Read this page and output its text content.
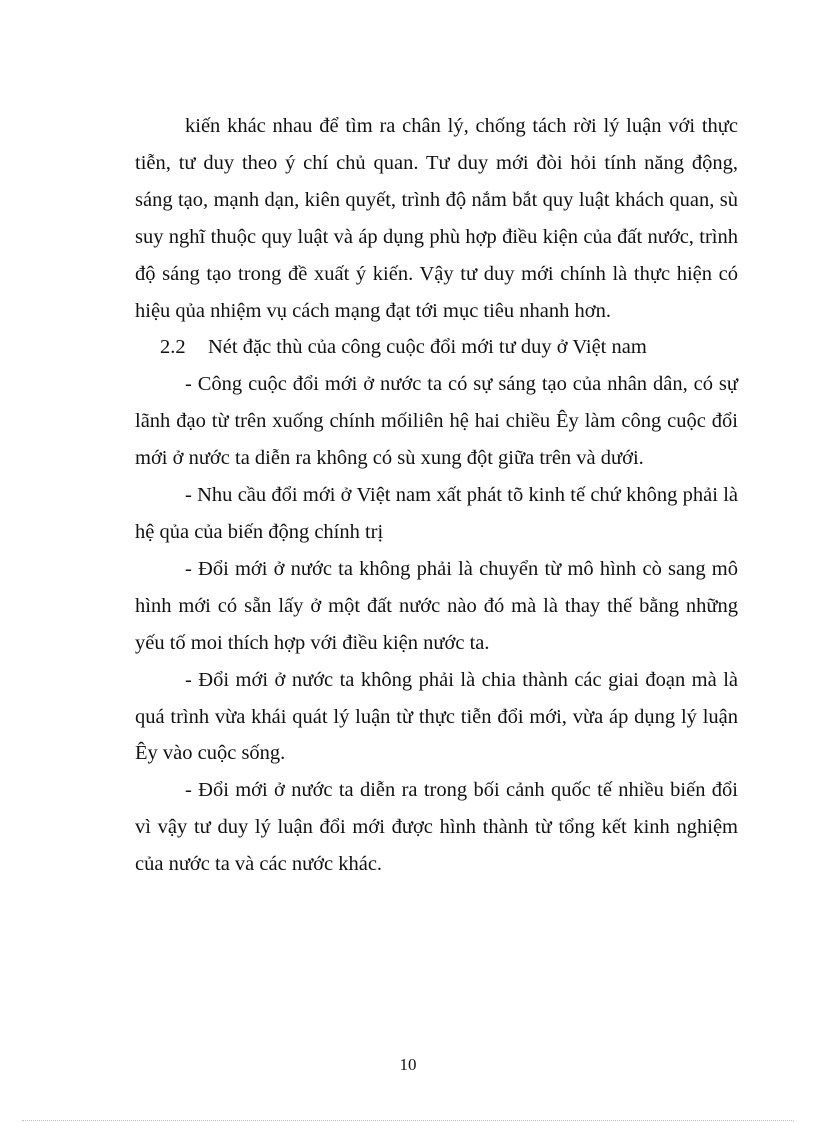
kiến khác nhau để tìm ra chân lý, chống tách rời lý luận với thực tiễn, tư duy theo ý chí chủ quan. Tư duy mới đòi hỏi tính năng động, sáng tạo, mạnh dạn, kiên quyết, trình độ nắm bắt quy luật khách quan, sù suy nghĩ thuộc quy luật và áp dụng phù hợp điều kiện của đất nước, trình độ sáng tạo trong đề xuất ý kiến. Vậy tư duy mới chính là thực hiện có hiệu qủa nhiệm vụ cách mạng đạt tới mục tiêu nhanh hơn.

2.2 Nét đặc thù của công cuộc đổi mới tư duy ở Việt nam

- Công cuộc đổi mới ở nước ta có sự sáng tạo của nhân dân, có sự lãnh đạo từ trên xuống chính mốiliên hệ hai chiều Êy làm công cuộc đổi mới ở nước ta diễn ra không có sù xung đột giữa trên và dưới.

- Nhu cầu đổi mới ở Việt nam xất phát tõ kinh tế chứ không phải là hệ qủa của biến động chính trị

- Đổi mới ở nước ta không phải là chuyển từ mô hình cò sang mô hình mới có sẵn lấy ở một đất nước nào đó mà là thay thế bằng những yếu tố moi thích hợp với điều kiện nước ta.

- Đổi mới ở nước ta không phải là chia thành các giai đoạn mà là quá trình vừa khái quát lý luận từ thực tiễn đổi mới, vừa áp dụng lý luận Êy vào cuộc sống.

- Đổi mới ở nước ta diễn ra trong bối cảnh quốc tế nhiều biến đổi vì vậy tư duy lý luận đổi mới được hình thành từ tổng kết kinh nghiệm của nước ta và các nước khác.

10
